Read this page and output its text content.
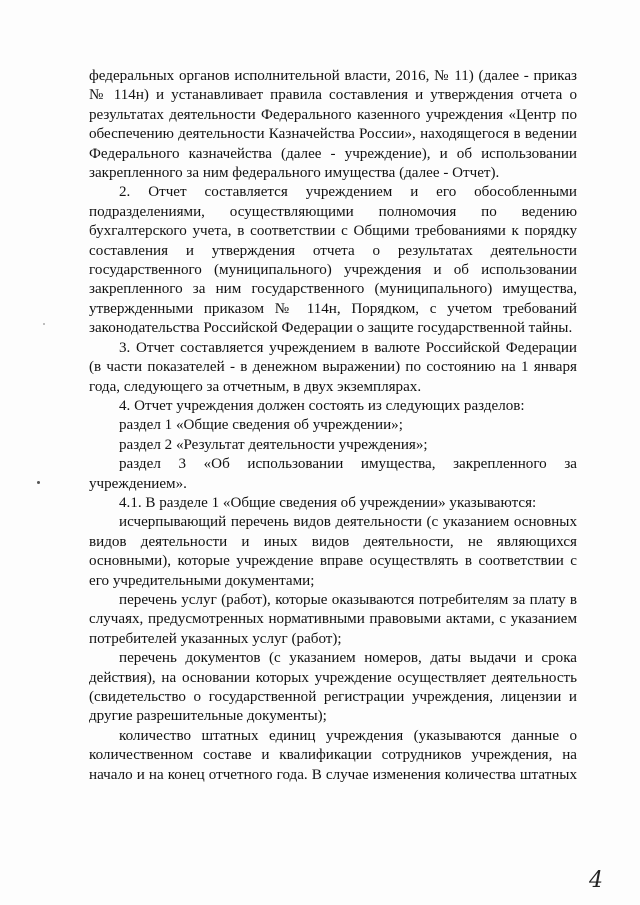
федеральных органов исполнительной власти, 2016, № 11) (далее - приказ № 114н) и устанавливает правила составления и утверждения отчета о результатах деятельности Федерального казенного учреждения «Центр по обеспечению деятельности Казначейства России», находящегося в ведении Федерального казначейства (далее - учреждение), и об использовании закрепленного за ним федерального имущества (далее - Отчет).

2. Отчет составляется учреждением и его обособленными подразделениями, осуществляющими полномочия по ведению бухгалтерского учета, в соответствии с Общими требованиями к порядку составления и утверждения отчета о результатах деятельности государственного (муниципального) учреждения и об использовании закрепленного за ним государственного (муниципального) имущества, утвержденными приказом № 114н, Порядком, с учетом требований законодательства Российской Федерации о защите государственной тайны.

3. Отчет составляется учреждением в валюте Российской Федерации (в части показателей - в денежном выражении) по состоянию на 1 января года, следующего за отчетным, в двух экземплярах.

4. Отчет учреждения должен состоять из следующих разделов:

раздел 1 «Общие сведения об учреждении»;

раздел 2 «Результат деятельности учреждения»;

раздел 3 «Об использовании имущества, закрепленного за учреждением».

4.1. В разделе 1 «Общие сведения об учреждении» указываются:

исчерпывающий перечень видов деятельности (с указанием основных видов деятельности и иных видов деятельности, не являющихся основными), которые учреждение вправе осуществлять в соответствии с его учредительными документами;

перечень услуг (работ), которые оказываются потребителям за плату в случаях, предусмотренных нормативными правовыми актами, с указанием потребителей указанных услуг (работ);

перечень документов (с указанием номеров, даты выдачи и срока действия), на основании которых учреждение осуществляет деятельность (свидетельство о государственной регистрации учреждения, лицензии и другие разрешительные документы);

количество штатных единиц учреждения (указываются данные о количественном составе и квалификации сотрудников учреждения, на начало и на конец отчетного года. В случае изменения количества штатных

4
